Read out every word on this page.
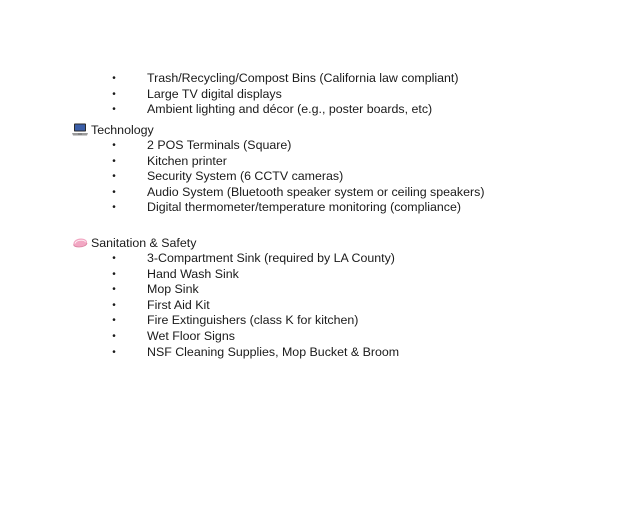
•	Trash/Recycling/Compost Bins (California law compliant)
•	Large TV digital displays
•	Ambient lighting and décor (e.g., poster boards, etc)
Technology
•	2 POS Terminals (Square)
•	Kitchen printer
•	Security System (6 CCTV cameras)
•	Audio System (Bluetooth speaker system or ceiling speakers)
•	Digital thermometer/temperature monitoring (compliance)
Sanitation & Safety
•	3-Compartment Sink (required by LA County)
•	Hand Wash Sink
•	Mop Sink
•	First Aid Kit
•	Fire Extinguishers (class K for kitchen)
•	Wet Floor Signs
•	NSF Cleaning Supplies, Mop Bucket & Broom
